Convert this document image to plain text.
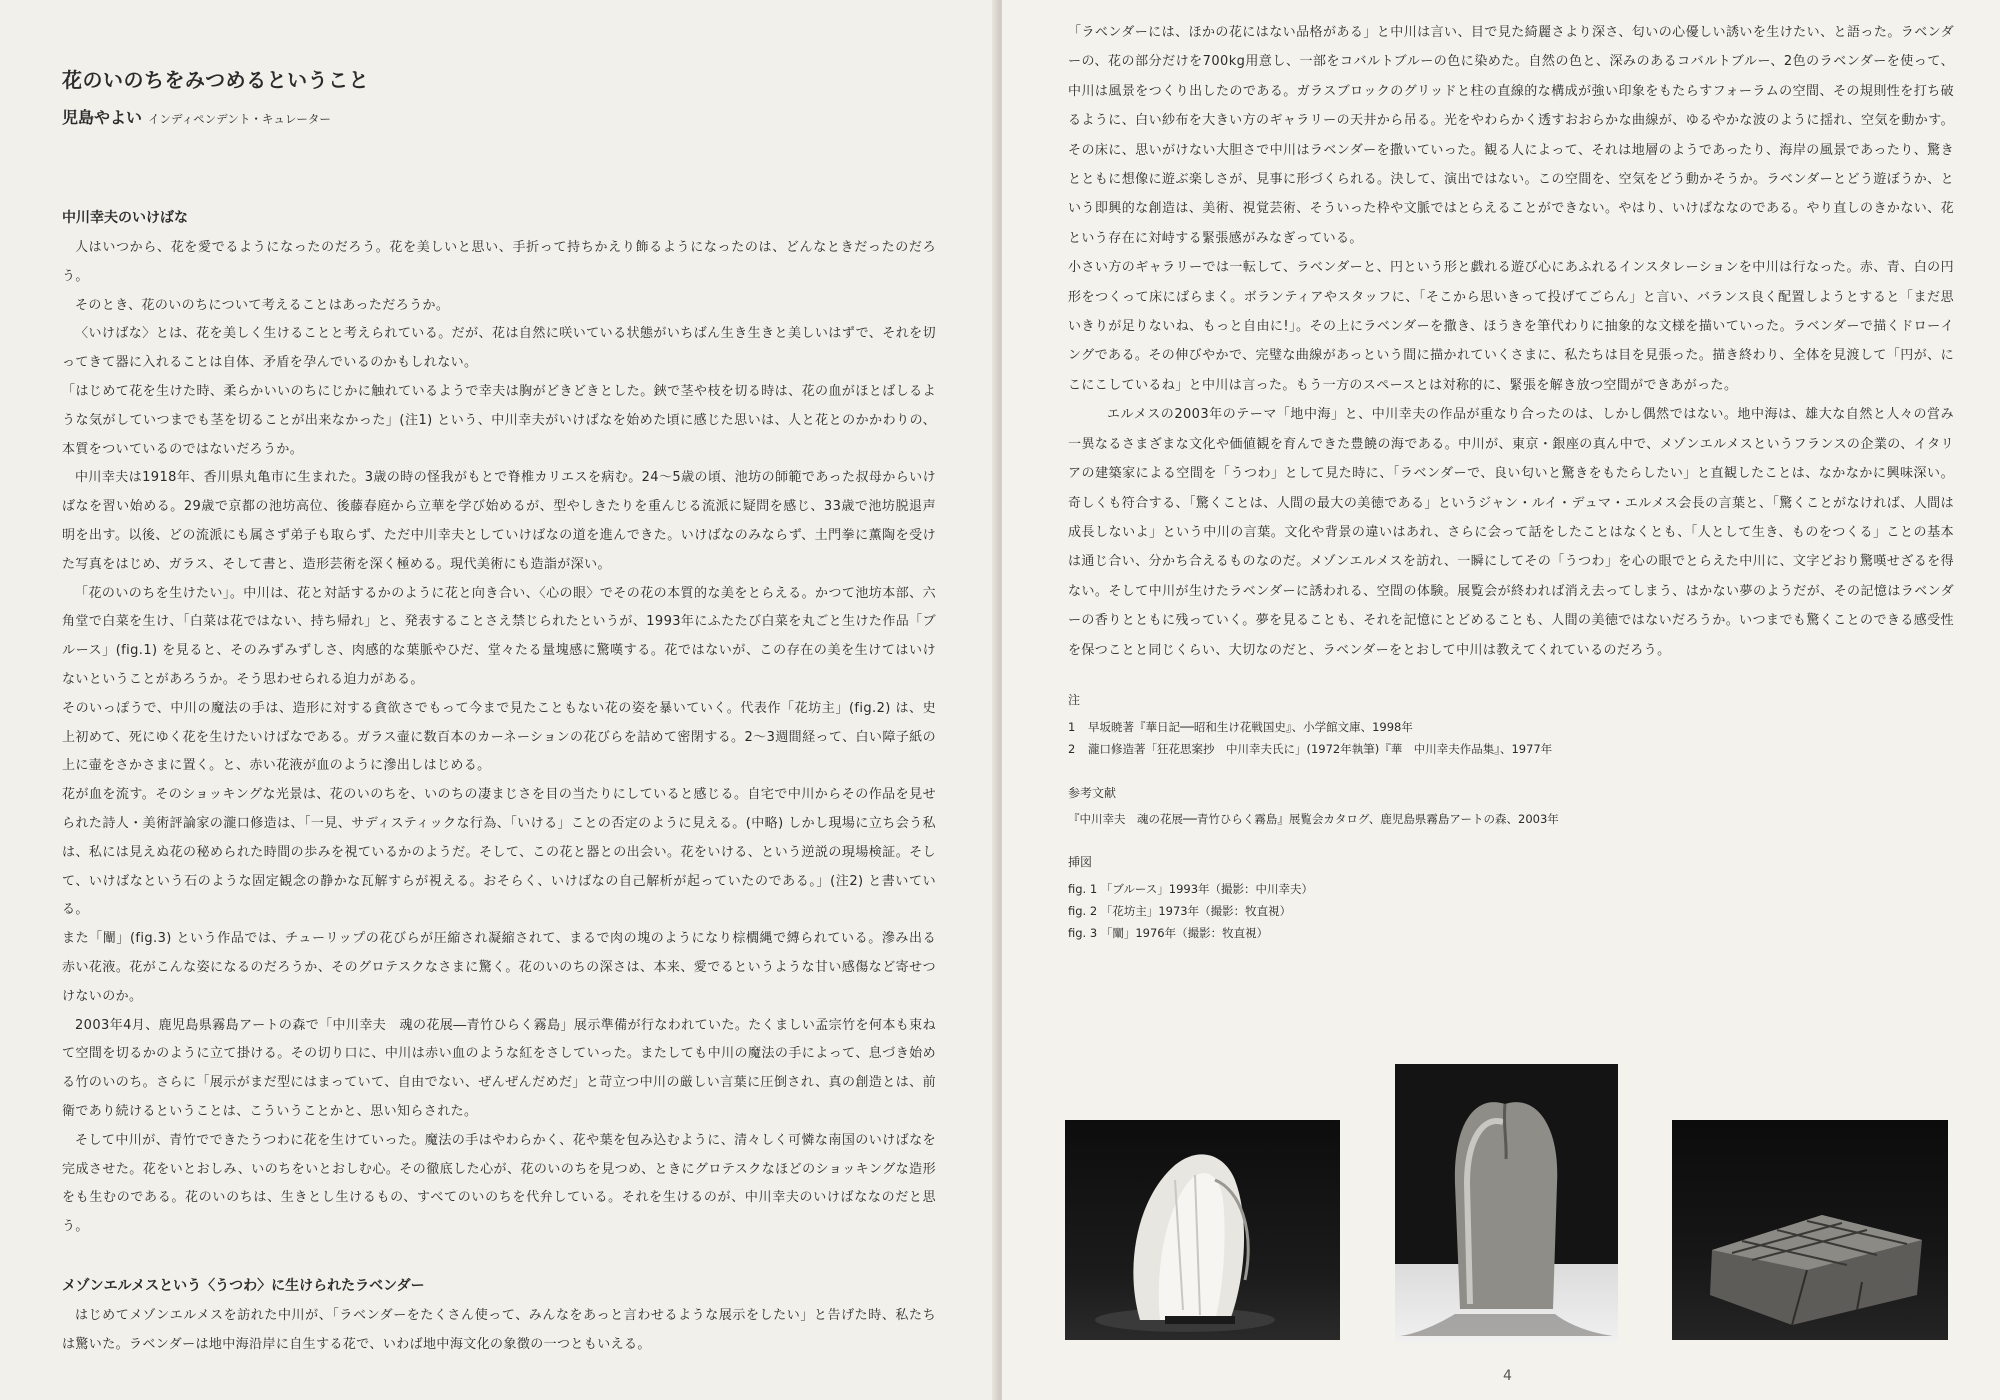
花のいのちをみつめるということ
児島やよい インディペンデント・キュレーター
中川幸夫のいけばな

人はいつから、花を愛でるようになったのだろう。花を美しいと思い、手折って持ちかえり飾るようになったのは、どんなときだったのだろう。

そのとき、花のいのちについて考えることはあっただろうか。

〈いけばな〉とは、花を美しく生けることと考えられている。だが、花は自然に咲いている状態がいちばん生き生きと美しいはずで、それを切ってきて器に入れることは自体、矛盾を孕んでいるのかもしれない。

「はじめて花を生けた時、柔らかいいのちにじかに触れているようで幸夫は胸がどきどきとした。鋏で茎や枝を切る時は、花の血がほとばしるような気がしていつまでも茎を切ることが出来なかった」(注1) という、中川幸夫がいけばなを始めた頃に感じた思いは、人と花とのかかわりの、本質をついているのではないだろうか。

中川幸夫は1918年、香川県丸亀市に生まれた。3歳の時の怪我がもとで脊椎カリエスを病む。24〜5歳の頃、池坊の師範であった叔母からいけばなを習い始める。29歳で京都の池坊高位、後藤春庭から立華を学び始めるが、型やしきたりを重んじる流派に疑問を感じ、33歳で池坊脱退声明を出す。以後、どの流派にも属さず弟子も取らず、ただ中川幸夫としていけばなの道を進んできた。いけばなのみならず、土門拳に薫陶を受けた写真をはじめ、ガラス、そして書と、造形芸術を深く極める。現代美術にも造詣が深い。

「花のいのちを生けたい」。中川は、花と対話するかのように花と向き合い、〈心の眼〉でその花の本質的な美をとらえる。かつて池坊本部、六角堂で白菜を生け、「白菜は花ではない、持ち帰れ」と、発表することさえ禁じられたというが、1993年にふたたび白菜を丸ごと生けた作品「ブルース」(fig.1) を見ると、そのみずみずしさ、肉感的な葉脈やひだ、堂々たる量塊感に驚嘆する。花ではないが、この存在の美を生けてはいけないということがあろうか。そう思わせられる迫力がある。

そのいっぽうで、中川の魔法の手は、造形に対する貪欲さでもって今まで見たこともない花の姿を暴いていく。代表作「花坊主」(fig.2) は、史上初めて、死にゆく花を生けたいけばなである。ガラス壷に数百本のカーネーションの花びらを詰めて密閉する。2〜3週間経って、白い障子紙の上に壷をさかさまに置く。と、赤い花液が血のように滲出しはじめる。

花が血を流す。そのショッキングな光景は、花のいのちを、いのちの凄まじさを目の当たりにしていると感じる。自宅で中川からその作品を見せられた詩人・美術評論家の瀧口修造は、「一見、サディスティックな行為、「いける」ことの否定のように見える。(中略) しかし現場に立ち会う私は、私には見えぬ花の秘められた時間の歩みを視ているかのようだ。そして、この花と器との出会い。花をいける、という逆説の現場検証。そして、いけばなという石のような固定観念の静かな瓦解すらが視える。おそらく、いけばなの自己解析が起っていたのである。」(注2) と書いている。

また「闡」(fig.3) という作品では、チューリップの花びらが圧縮され凝縮されて、まるで肉の塊のようになり棕櫚縄で縛られている。滲み出る赤い花液。花がこんな姿になるのだろうか、そのグロテスクなさまに驚く。花のいのちの深さは、本来、愛でるというような甘い感傷など寄せつけないのか。

2003年4月、鹿児島県霧島アートの森で「中川幸夫　魂の花展―青竹ひらく霧島」展示準備が行なわれていた。たくましい孟宗竹を何本も束ねて空間を切るかのように立て掛ける。その切り口に、中川は赤い血のような紅をさしていった。またしても中川の魔法の手によって、息づき始める竹のいのち。さらに「展示がまだ型にはまっていて、自由でない、ぜんぜんだめだ」と苛立つ中川の厳しい言葉に圧倒され、真の創造とは、前衛であり続けるということは、こういうことかと、思い知らされた。

そして中川が、青竹でできたうつわに花を生けていった。魔法の手はやわらかく、花や葉を包み込むように、清々しく可憐な南国のいけばなを完成させた。花をいとおしみ、いのちをいとおしむ心。その徹底した心が、花のいのちを見つめ、ときにグロテスクなほどのショッキングな造形をも生むのである。花のいのちは、生きとし生けるもの、すべてのいのちを代弁している。それを生けるのが、中川幸夫のいけばななのだと思う。

メゾンエルメスという〈うつわ〉に生けられたラベンダー

はじめてメゾンエルメスを訪れた中川が、「ラベンダーをたくさん使って、みんなをあっと言わせるような展示をしたい」と告げた時、私たちは驚いた。ラベンダーは地中海沿岸に自生する花で、いわば地中海文化の象徴の一つともいえる。

「ラベンダーには、ほかの花にはない品格がある」と中川は言い、目で見た綺麗さより深さ、匂いの心優しい誘いを生けたい、と語った。ラベンダーの、花の部分だけを700kg用意し、一部をコバルトブルーの色に染めた。自然の色と、深みのあるコバルトブルー、2色のラベンダーを使って、中川は風景をつくり出したのである。ガラスブロックのグリッドと柱の直線的な構成が強い印象をもたらすフォーラムの空間、その規則性を打ち破るように、白い紗布を大きい方のギャラリーの天井から吊る。光をやわらかく透すおおらかな曲線が、ゆるやかな波のように揺れ、空気を動かす。その床に、思いがけない大胆さで中川はラベンダーを撒いていった。観る人によって、それは地層のようであったり、海岸の風景であったり、驚きとともに想像に遊ぶ楽しさが、見事に形づくられる。決して、演出ではない。この空間を、空気をどう動かそうか。ラベンダーとどう遊ぼうか、という即興的な創造は、美術、視覚芸術、そういった枠や文脈ではとらえることができない。やはり、いけばななのである。やり直しのきかない、花という存在に対峙する緊張感がみなぎっている。

小さい方のギャラリーでは一転して、ラベンダーと、円という形と戯れる遊び心にあふれるインスタレーションを中川は行なった。赤、青、白の円形をつくって床にばらまく。ボランティアやスタッフに、「そこから思いきって投げてごらん」と言い、バランス良く配置しようとすると「まだ思いきりが足りないね、もっと自由に!」。その上にラベンダーを撒き、ほうきを筆代わりに抽象的な文様を描いていった。ラベンダーで描くドローイングである。その伸びやかで、完璧な曲線があっという間に描かれていくさまに、私たちは目を見張った。描き終わり、全体を見渡して「円が、にこにこしているね」と中川は言った。もう一方のスペースとは対称的に、緊張を解き放つ空間ができあがった。

エルメスの2003年のテーマ「地中海」と、中川幸夫の作品が重なり合ったのは、しかし偶然ではない。地中海は、雄大な自然と人々の営み一異なるさまざまな文化や価値観を育んできた豊饒の海である。中川が、東京・銀座の真ん中で、メゾンエルメスというフランスの企業の、イタリアの建築家による空間を「うつわ」として見た時に、「ラベンダーで、良い匂いと驚きをもたらしたい」と直観したことは、なかなかに興味深い。奇しくも符合する、「驚くことは、人間の最大の美徳である」というジャン・ルイ・デュマ・エルメス会長の言葉と、「驚くことがなければ、人間は成長しないよ」という中川の言葉。文化や背景の違いはあれ、さらに会って話をしたことはなくとも、「人として生き、ものをつくる」ことの基本は通じ合い、分かち合えるものなのだ。メゾンエルメスを訪れ、一瞬にしてその「うつわ」を心の眼でとらえた中川に、文字どおり驚嘆せざるを得ない。そして中川が生けたラベンダーに誘われる、空間の体験。展覧会が終われば消え去ってしまう、はかない夢のようだが、その記憶はラベンダーの香りとともに残っていく。夢を見ることも、それを記憶にとどめることも、人間の美徳ではないだろうか。いつまでも驚くことのできる感受性を保つことと同じくらい、大切なのだと、ラベンダーをとおして中川は教えてくれているのだろう。

注

1 早坂暁著『華日記──昭和生け花戦国史』、小学館文庫、1998年

2 瀧口修造著「狂花思案抄　中川幸夫氏に」(1972年執筆)『華　中川幸夫作品集』、1977年

参考文献

『中川幸夫　魂の花展──青竹ひらく霧島』展覧会カタログ、鹿児島県霧島アートの森、2003年

挿図

fig. 1 「ブルース」1993年（撮影：中川幸夫）

fig. 2 「花坊主」1973年（撮影：牧直視）

fig. 3 「闡」1976年（撮影：牧直視）

4
